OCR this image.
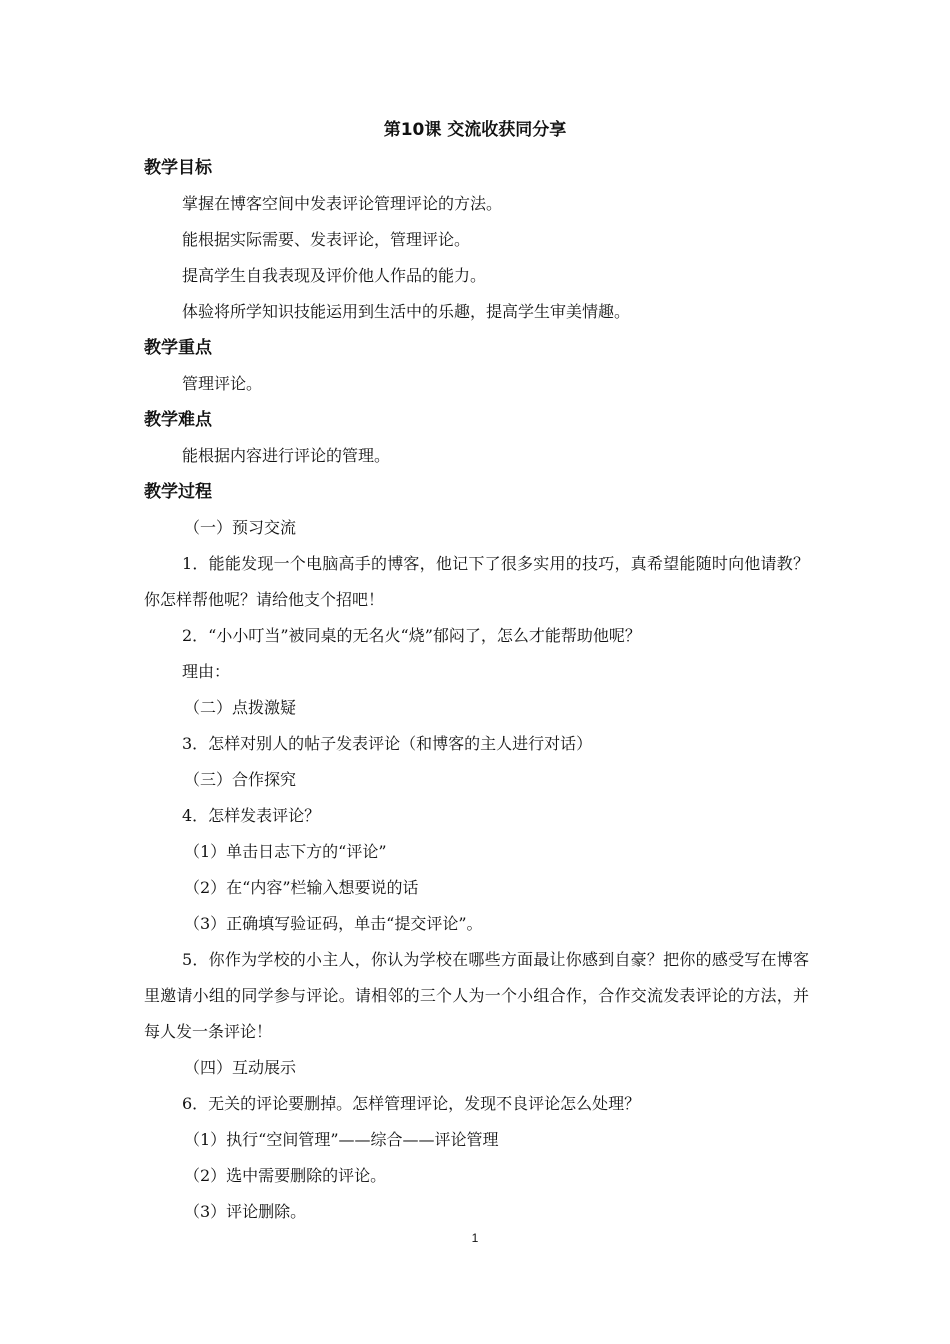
第10课 交流收获同分享
教学目标

掌握在博客空间中发表评论管理评论的方法。

能根据实际需要、发表评论，管理评论。

提高学生自我表现及评价他人作品的能力。

体验将所学知识技能运用到生活中的乐趣，提高学生审美情趣。

教学重点

管理评论。

教学难点

能根据内容进行评论的管理。

教学过程

（一）预习交流

1．能能发现一个电脑高手的博客，他记下了很多实用的技巧，真希望能随时向他请教？你怎样帮他呢？请给他支个招吧！

2．“小小叮当”被同桌的无名火“烧”郁闷了，怎么才能帮助他呢？

理由：

（二）点拨激疑

3．怎样对别人的帖子发表评论（和博客的主人进行对话）

（三）合作探究

4．怎样发表评论？

（1）单击日志下方的“评论”

（2）在“内容”栏输入想要说的话

（3）正确填写验证码，单击“提交评论”。

5．你作为学校的小主人，你认为学校在哪些方面最让你感到自豪？把你的感受写在博客里邀请小组的同学参与评论。请相邻的三个人为一个小组合作，合作交流发表评论的方法，并每人发一条评论！

（四）互动展示

6．无关的评论要删掉。怎样管理评论，发现不良评论怎么处理？

（1）执行“空间管理”——综合——评论管理

（2）选中需要删除的评论。

（3）评论删除。

1
